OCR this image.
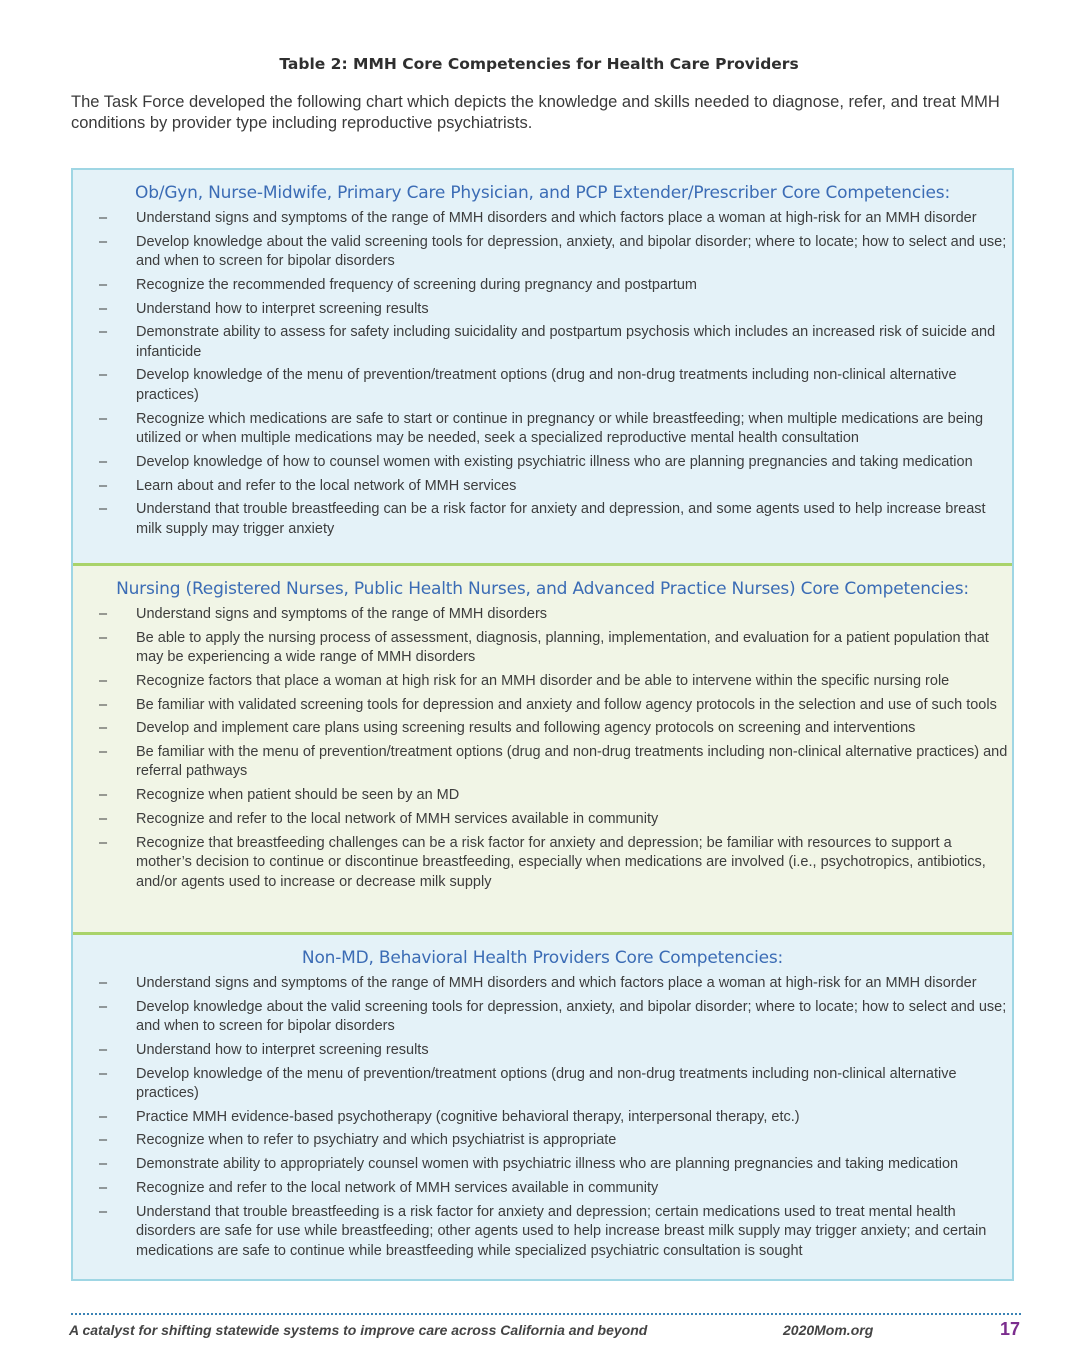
Table 2: MMH Core Competencies for Health Care Providers
The Task Force developed the following chart which depicts the knowledge and skills needed to diagnose, refer, and treat MMH conditions by provider type including reproductive psychiatrists.
Ob/Gyn, Nurse-Midwife, Primary Care Physician, and PCP Extender/Prescriber Core Competencies:
– Understand signs and symptoms of the range of MMH disorders and which factors place a woman at high-risk for an MMH disorder
– Develop knowledge about the valid screening tools for depression, anxiety, and bipolar disorder; where to locate; how to select and use; and when to screen for bipolar disorders
– Recognize the recommended frequency of screening during pregnancy and postpartum
– Understand how to interpret screening results
– Demonstrate ability to assess for safety including suicidality and postpartum psychosis which includes an increased risk of suicide and infanticide
– Develop knowledge of the menu of prevention/treatment options (drug and non-drug treatments including non-clinical alternative practices)
– Recognize which medications are safe to start or continue in pregnancy or while breastfeeding; when multiple medications are being utilized or when multiple medications may be needed, seek a specialized reproductive mental health consultation
– Develop knowledge of how to counsel women with existing psychiatric illness who are planning pregnancies and taking medication
– Learn about and refer to the local network of MMH services
– Understand that trouble breastfeeding can be a risk factor for anxiety and depression, and some agents used to help increase breast milk supply may trigger anxiety
Nursing (Registered Nurses, Public Health Nurses, and Advanced Practice Nurses) Core Competencies:
– Understand signs and symptoms of the range of MMH disorders
– Be able to apply the nursing process of assessment, diagnosis, planning, implementation, and evaluation for a patient population that may be experiencing a wide range of MMH disorders
– Recognize factors that place a woman at high risk for an MMH disorder and be able to intervene within the specific nursing role
– Be familiar with validated screening tools for depression and anxiety and follow agency protocols in the selection and use of such tools
– Develop and implement care plans using screening results and following agency protocols on screening and interventions
– Be familiar with the menu of prevention/treatment options (drug and non-drug treatments including non-clinical alternative practices) and referral pathways
– Recognize when patient should be seen by an MD
– Recognize and refer to the local network of MMH services available in community
– Recognize that breastfeeding challenges can be a risk factor for anxiety and depression; be familiar with resources to support a mother’s decision to continue or discontinue breastfeeding, especially when medications are involved (i.e., psychotropics, antibiotics, and/or agents used to increase or decrease milk supply
Non-MD, Behavioral Health Providers Core Competencies:
– Understand signs and symptoms of the range of MMH disorders and which factors place a woman at high-risk for an MMH disorder
– Develop knowledge about the valid screening tools for depression, anxiety, and bipolar disorder; where to locate; how to select and use; and when to screen for bipolar disorders
– Understand how to interpret screening results
– Develop knowledge of the menu of prevention/treatment options (drug and non-drug treatments including non-clinical alternative practices)
– Practice MMH evidence-based psychotherapy (cognitive behavioral therapy, interpersonal therapy, etc.)
– Recognize when to refer to psychiatry and which psychiatrist is appropriate
– Demonstrate ability to appropriately counsel women with psychiatric illness who are planning pregnancies and taking medication
– Recognize and refer to the local network of MMH services available in community
– Understand that trouble breastfeeding is a risk factor for anxiety and depression; certain medications used to treat mental health disorders are safe for use while breastfeeding; other agents used to help increase breast milk supply may trigger anxiety; and certain medications are safe to continue while breastfeeding while specialized psychiatric consultation is sought
A catalyst for shifting statewide systems to improve care across California and beyond	2020Mom.org	17
